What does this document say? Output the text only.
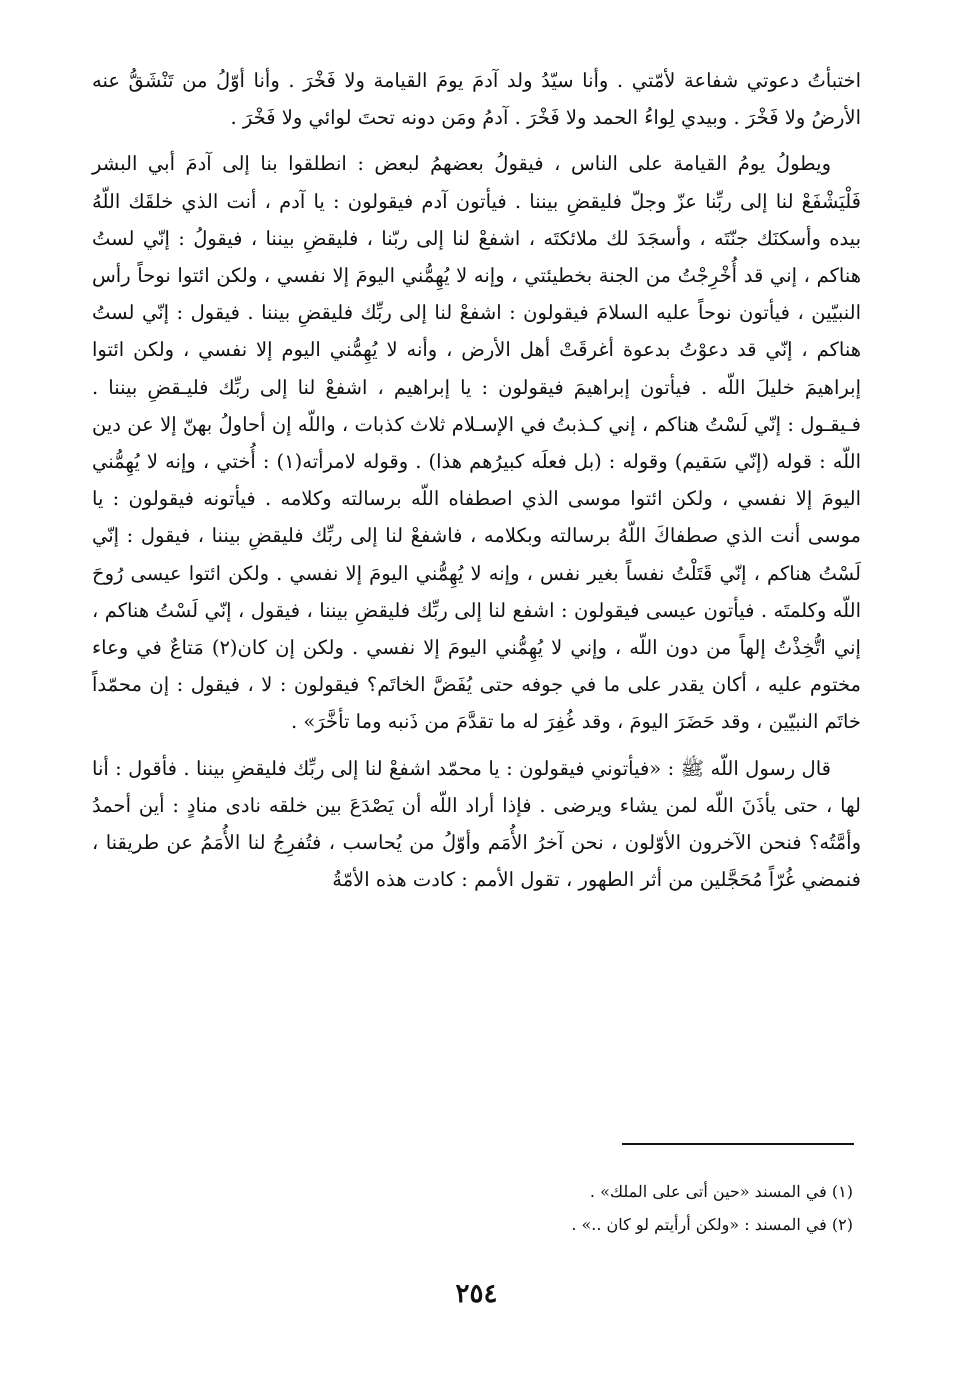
اختبأتُ دعوتي شفاعة لأمّتي . وأنا سيّدُ ولد آدمَ يومَ القيامة ولا فَخْرَ . وأنا أوّلُ من تَنْشَقُّ عنه الأرضُ ولا فَخْرَ . وبيدي لِواءُ الحمد ولا فَخْرَ . آدمُ ومَن دونه تحتَ لوائي ولا فَخْرَ .

ويطولُ يومُ القيامة على الناس ، فيقولُ بعضهمُ لبعض : انطلقوا بنا إلى آدمَ أبي البشر فَلْيَشْفَعْ لنا إلى ربِّنا عزّ وجلّ فليقضِ بيننا . فيأتون آدم فيقولون : يا آدم ، أنت الذي خلقَك اللّهُ بيده وأسكنَك جنّتَه ، وأسجَدَ لك ملائكتَه ، اشفعْ لنا إلى ربّنا ، فليقضِ بيننا ، فيقولُ : إنّي لستُ هناكم ، إني قد أُخْرِجْتُ من الجنة بخطيئتي ، وإنه لا يُهِمُّني اليومَ إلا نفسي ، ولكن ائتوا نوحاً رأس النبيّين ، فيأتون نوحاً عليه السلامَ فيقولون : اشفعْ لنا إلى ربِّك فليقضِ بيننا . فيقول : إنّي لستُ هناكم ، إنّي قد دعوْتُ بدعوة أغرقَتْ أهل الأرض ، وأنه لا يُهِمُّني اليوم إلا نفسي ، ولكن ائتوا إبراهيمَ خليلَ اللّه . فيأتون إبراهيمَ فيقولون : يا إبراهيم ، اشفعْ لنا إلى ربِّك فليـقضِ بيننا . فـيقـول : إنّي لَسْتُ هناكم ، إني كـذبتُ في الإسـلام ثلاث كذبات ، واللّه إن أحاولُ بهنّ إلا عن دين اللّه : قوله (إنّي سَقيم) وقوله : (بل فعلَه كبيرُهم هذا) . وقوله لامرأته(١) : أُختي ، وإنه لا يُهِمُّني اليومَ إلا نفسي ، ولكن ائتوا موسى الذي اصطفاه اللّه برسالته وكلامه . فيأتونه فيقولون : يا موسى أنت الذي صطفاكَ اللّهُ برسالته وبكلامه ، فاشفعْ لنا إلى ربِّك فليقضِ بيننا ، فيقول : إنّي لَسْتُ هناكم ، إنّي قَتَلْتُ نفساً بغير نفس ، وإنه لا يُهِمُّني اليومَ إلا نفسي . ولكن ائتوا عيسى رُوحَ اللّه وكلمتَه . فيأتون عيسى فيقولون : اشفع لنا إلى ربِّك فليقضِ بيننا ، فيقول ، إنّي لَسْتُ هناكم ، إني اتُّخِذْتُ إلهاً من دون اللّه ، وإني لا يُهِمُّني اليومَ إلا نفسي . ولكن إن كان(٢) مَتاعٌ في وعاء مختوم عليه ، أكان يقدر على ما في جوفه حتى يُفَضَّ الخاتَم؟ فيقولون : لا ، فيقول : إن محمّداً خاتَم النبيّين ، وقد حَضَرَ اليومَ ، وقد غُفِرَ له ما تقدَّمَ من ذَنبه وما تأخَّرَ» .

قال رسول اللّه ﷺ : «فيأتوني فيقولون : يا محمّد اشفعْ لنا إلى ربِّك فليقضِ بيننا . فأقول : أنا لها ، حتى يأذَنَ اللّه لمن يشاء ويرضى . فإذا أراد اللّه أن يَصْدَعَ بين خلقه نادى منادٍ : أين أحمدُ وأمَّتُه؟ فنحن الآخرون الأوّلون ، نحن آخرُ الأُمَم وأوّلُ من يُحاسب ، فتُفرِجُ لنا الأُمَمُ عن طريقنا ، فنمضي غُرّاً مُحَجَّلين من أثر الطهور ، تقول الأمم : كادت هذه الأمّةُ

(١) في المسند «حين أتى على الملك» .

(٢) في المسند : «ولكن أرأيتم لو كان ..» .

٢٥٤
